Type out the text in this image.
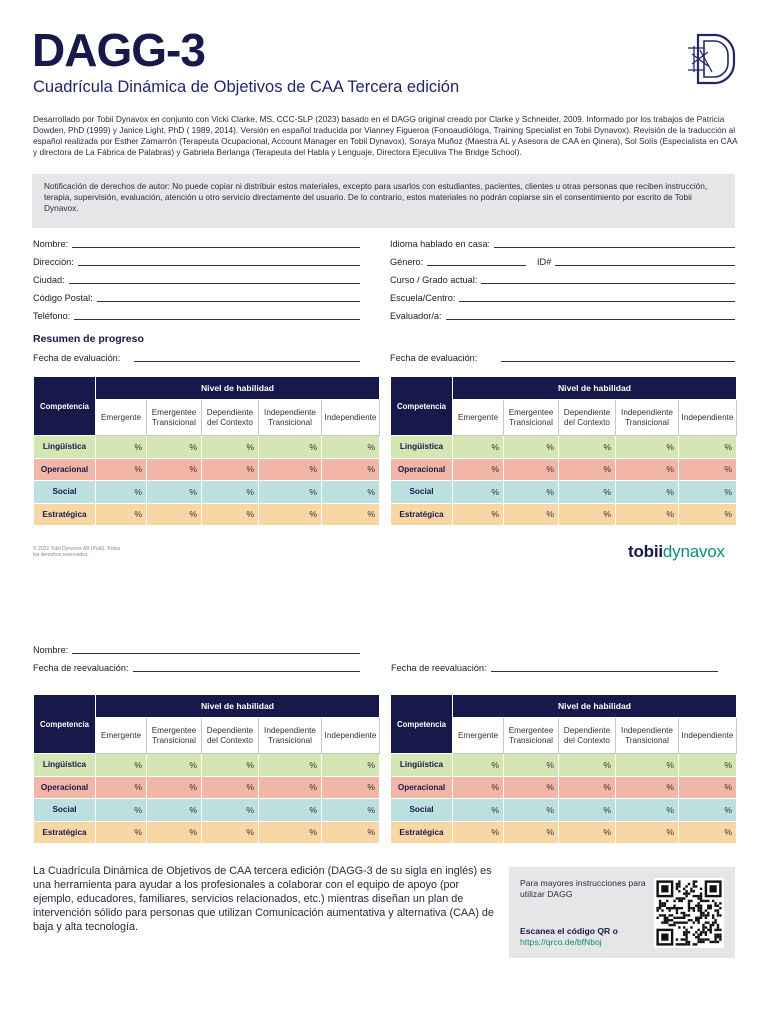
DAGG-3
Cuadrícula Dinámica de Objetivos de CAA Tercera edición
Desarrollado por Tobii Dynavox en conjunto con Vicki Clarke, MS, CCC-SLP (2023) basado en el DAGG original creado por Clarke y Schneider, 2009. Informado por los trabajos de Patricia Dowden, PhD (1999) y Janice Light, PhD ( 1989, 2014). Versión en español traducida por Vianney Figueroa (Fonoaudióloga, Training Specialist en Tobii Dynavox). Revisión de la traducción al español realizada por Esther Zamarrón (Terapeuta Ocupacional, Account Manager en Tobii Dynavox), Soraya Muñoz (Maestra AL y Asesora de CAA en Qinera), Sol Solís (Especialista en CAA y directora de La Fábrica de Palabras) y Gabriela Berlanga (Terapeuta del Habla y Lenguaje, Directora Ejecutiva The Bridge School).
Notificación de derechos de autor: No puede copiar ni distribuir estos materiales, excepto para usarlos con estudiantes, pacientes, clientes u otras personas que reciben instrucción, terapia, supervisión, evaluación, atención u otro servicio directamente del usuario. De lo contrario, estos materiales no podrán copiarse sin el consentimiento por escrito de Tobii Dynavox.
Nombre:
Dirección:
Ciudad:
Código Postal:
Teléfono:
Idioma hablado en casa:
Género:	ID#
Curso / Grado actual:
Escuela/Centro:
Evaluador/a:
Resumen de progreso
Fecha de evaluación:	Fecha de evaluación:
Competencia	Nivel de habilidad				
	Emergente	Emergentee Transicional	Dependiente del Contexto	Independiente Transicional	Independiente
Lingüística	%	%	%	%	%
Operacional	%	%	%	%	%
Social	%	%	%	%	%
Estratégica	%	%	%	%	%
Competencia	Nivel de habilidad				
	Emergente	Emergentee Transicional	Dependiente del Contexto	Independiente Transicional	Independiente
Lingüística	%	%	%	%	%
Operacional	%	%	%	%	%
Social	%	%	%	%	%
Estratégica	%	%	%	%	%
Competencia	Nivel de habilidad				
	Emergente	Emergentee Transicional	Dependiente del Contexto	Independiente Transicional	Independiente
Lingüística	%	%	%	%	%
Operacional	%	%	%	%	%
Social	%	%	%	%	%
Estratégica	%	%	%	%	%
Competencia	Nivel de habilidad				
	Emergente	Emergentee Transicional	Dependiente del Contexto	Independiente Transicional	Independiente
Lingüística	%	%	%	%	%
Operacional	%	%	%	%	%
Social	%	%	%	%	%
Estratégica	%	%	%	%	%
© 2022 Tobii Dynavox AB (Publ). Todos los derechos reservados.	tobiidynavox
Nombre:
Fecha de reevaluación:	Fecha de reevaluación:
La Cuadrícula Dinámica de Objetivos de CAA tercera edición (DAGG-3 de su sigla en inglés) es una herramienta para ayudar a los profesionales a colaborar con el equipo de apoyo (por ejemplo, educadores, familiares, servicios relacionados, etc.) mientras diseñan un plan de intervención sólido para personas que utilizan Comunicación aumentativa y alternativa (CAA) de baja y alta tecnología.
Para mayores instrucciones para utilizar DAGG
Escanea el código QR o
https://qrco.de/bfNboj
